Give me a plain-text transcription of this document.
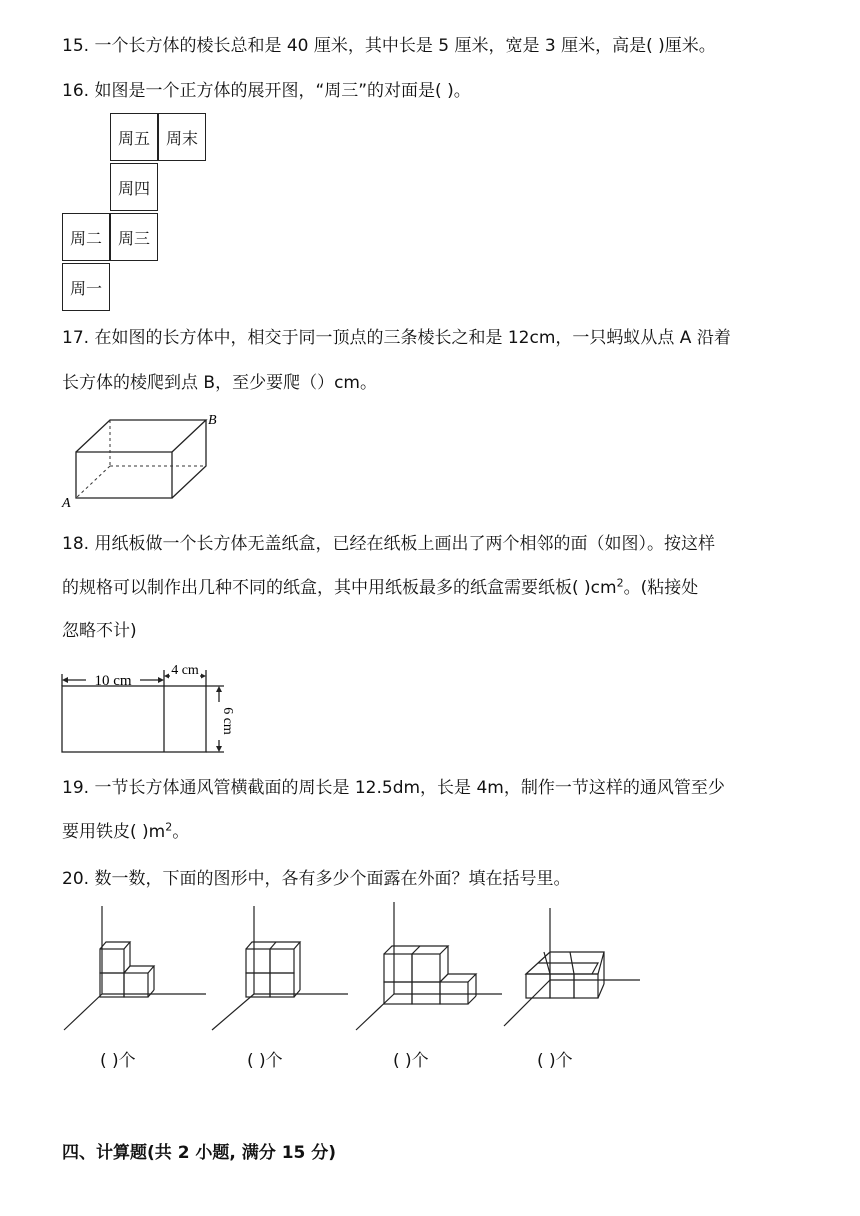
15. 一个长方体的棱长总和是 40 厘米，其中长是 5 厘米，宽是 3 厘米，高是( )厘米。
16. 如图是一个正方体的展开图，“周三”的对面是( )。
周五 周末
周四
周二 周三
周一
17. 在如图的长方体中，相交于同一顶点的三条棱长之和是 12cm，一只蚂蚁从点 A 沿着
长方体的棱爬到点 B，至少要爬（）cm。
A
B
18. 用纸板做一个长方体无盖纸盒，已经在纸板上画出了两个相邻的面（如图）。按这样
的规格可以制作出几种不同的纸盒，其中用纸板最多的纸盒需要纸板( )$cm^2$。(粘接处
忽略不计)
10 cm
4 cm
6 cm
19. 一节长方体通风管横截面的周长是 12.5dm，长是 4m，制作一节这样的通风管至少
要用铁皮( )$m^2$。
20. 数一数，下面的图形中，各有多少个面露在外面？填在括号里。
( )个	( )个	( )个	( )个
四、计算题(共 2 小题, 满分 15 分)
